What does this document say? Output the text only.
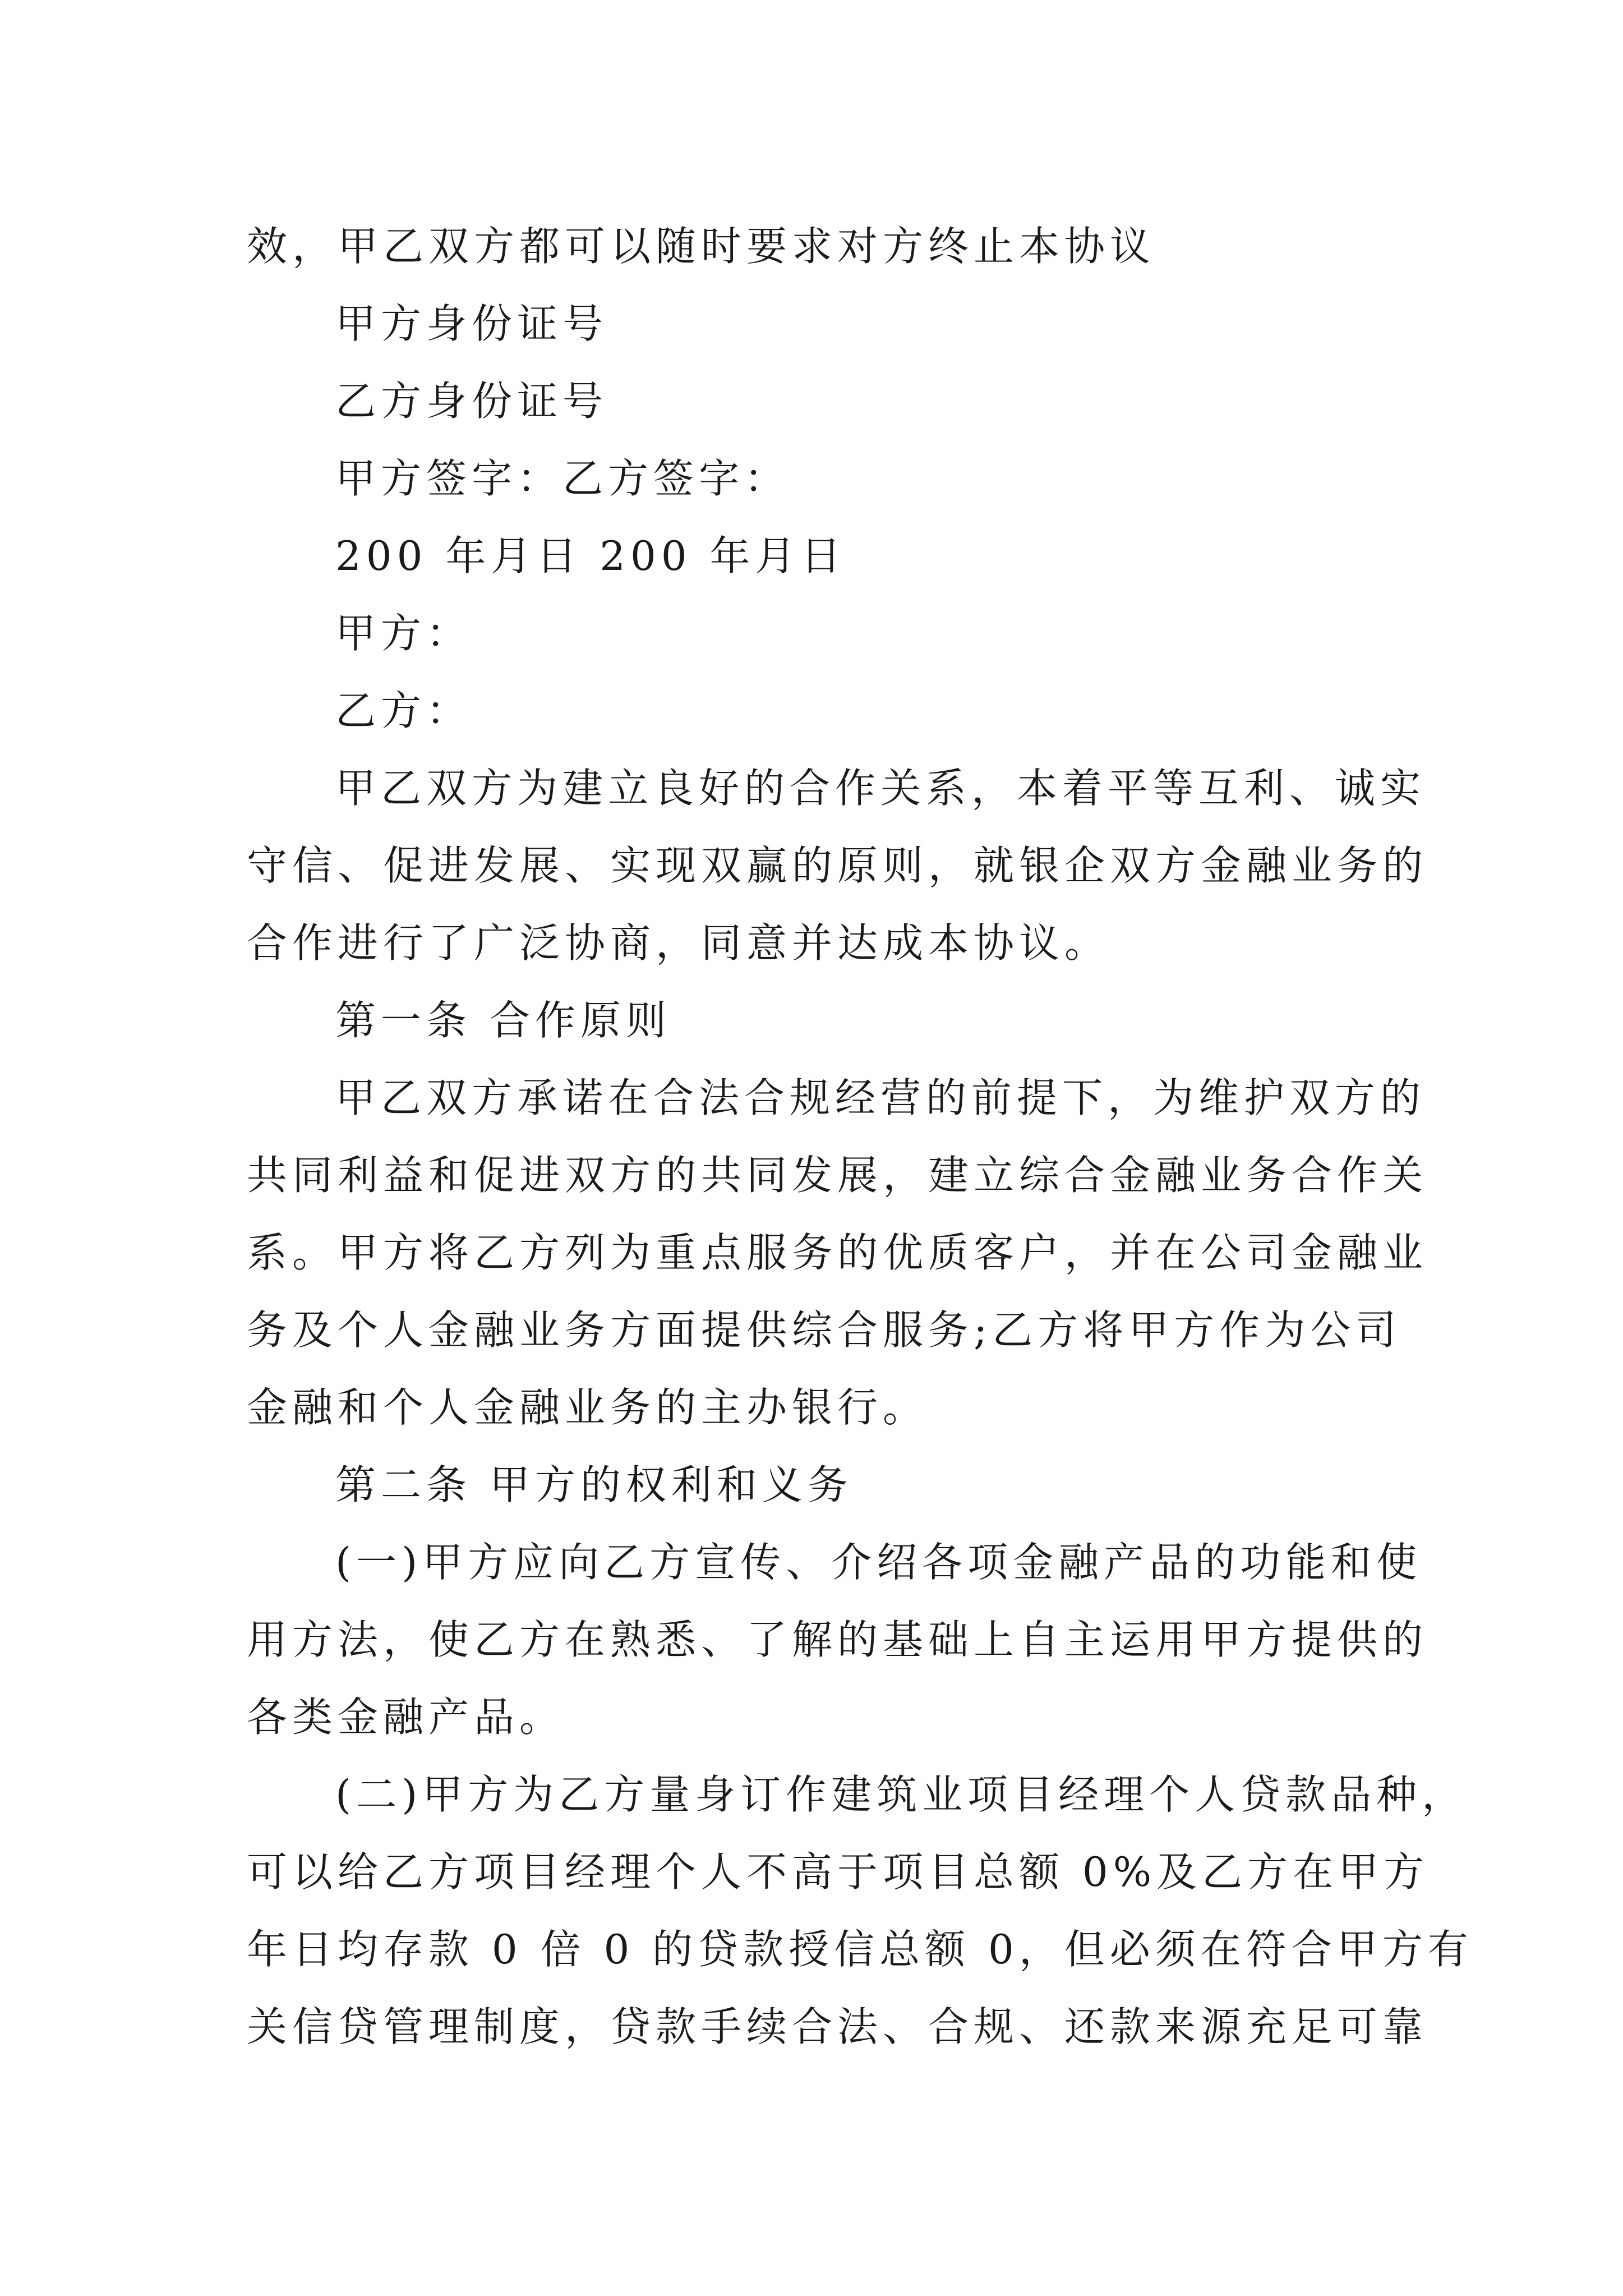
效，甲乙双方都可以随时要求对方终止本协议
甲方身份证号
乙方身份证号
甲方签字：乙方签字：
200 年月日 200 年月日
甲方：
乙方：
甲乙双方为建立良好的合作关系，本着平等互利、诚实
守信、促进发展、实现双赢的原则，就银企双方金融业务的
合作进行了广泛协商，同意并达成本协议。
第一条 合作原则
甲乙双方承诺在合法合规经营的前提下，为维护双方的
共同利益和促进双方的共同发展，建立综合金融业务合作关
系。甲方将乙方列为重点服务的优质客户，并在公司金融业
务及个人金融业务方面提供综合服务;乙方将甲方作为公司
金融和个人金融业务的主办银行。
第二条 甲方的权利和义务
(一)甲方应向乙方宣传、介绍各项金融产品的功能和使
用方法，使乙方在熟悉、了解的基础上自主运用甲方提供的
各类金融产品。
(二)甲方为乙方量身订作建筑业项目经理个人贷款品种，
可以给乙方项目经理个人不高于项目总额 0%及乙方在甲方
年日均存款 0 倍 0 的贷款授信总额 0，但必须在符合甲方有
关信贷管理制度，贷款手续合法、合规、还款来源充足可靠
